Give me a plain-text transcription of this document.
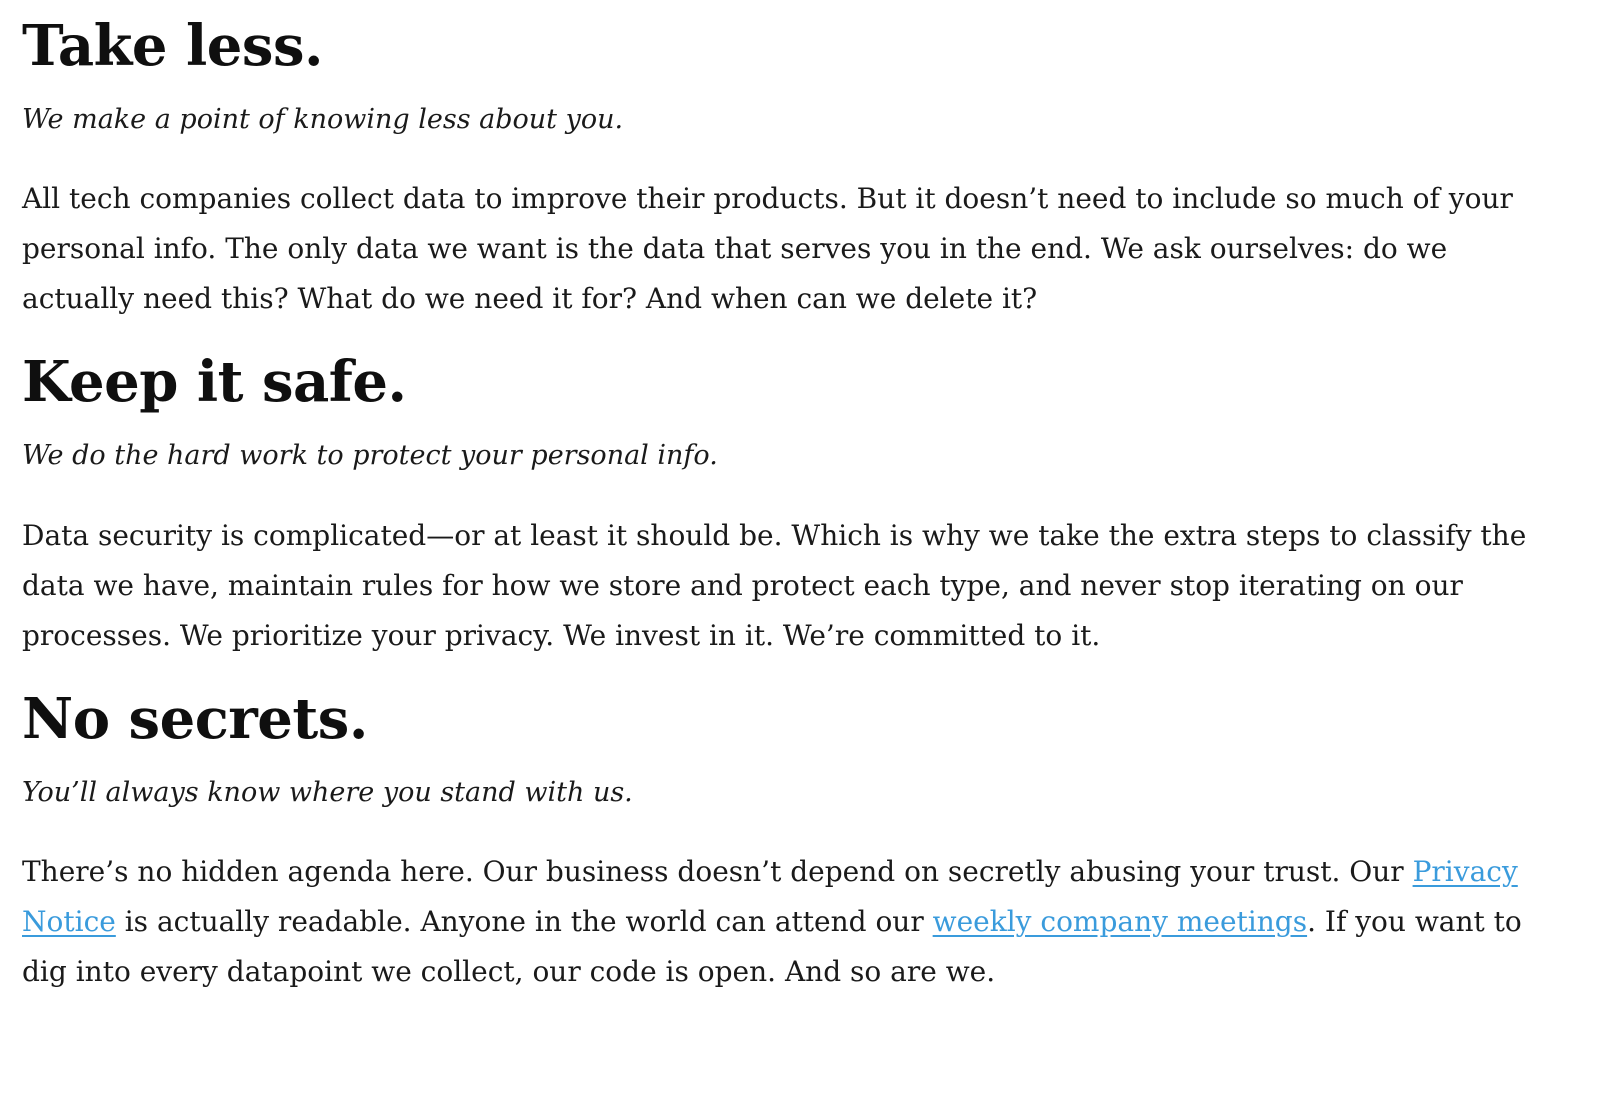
Take less.

We make a point of knowing less about you.

All tech companies collect data to improve their products. But it doesn’t need to include so much of your personal info. The only data we want is the data that serves you in the end. We ask ourselves: do we actually need this? What do we need it for? And when can we delete it?

Keep it safe.

We do the hard work to protect your personal info.

Data security is complicated—or at least it should be. Which is why we take the extra steps to classify the data we have, maintain rules for how we store and protect each type, and never stop iterating on our processes. We prioritize your privacy. We invest in it. We’re committed to it.

No secrets.

You’ll always know where you stand with us.

There’s no hidden agenda here. Our business doesn’t depend on secretly abusing your trust. Our Privacy Notice is actually readable. Anyone in the world can attend our weekly company meetings. If you want to dig into every datapoint we collect, our code is open. And so are we.
